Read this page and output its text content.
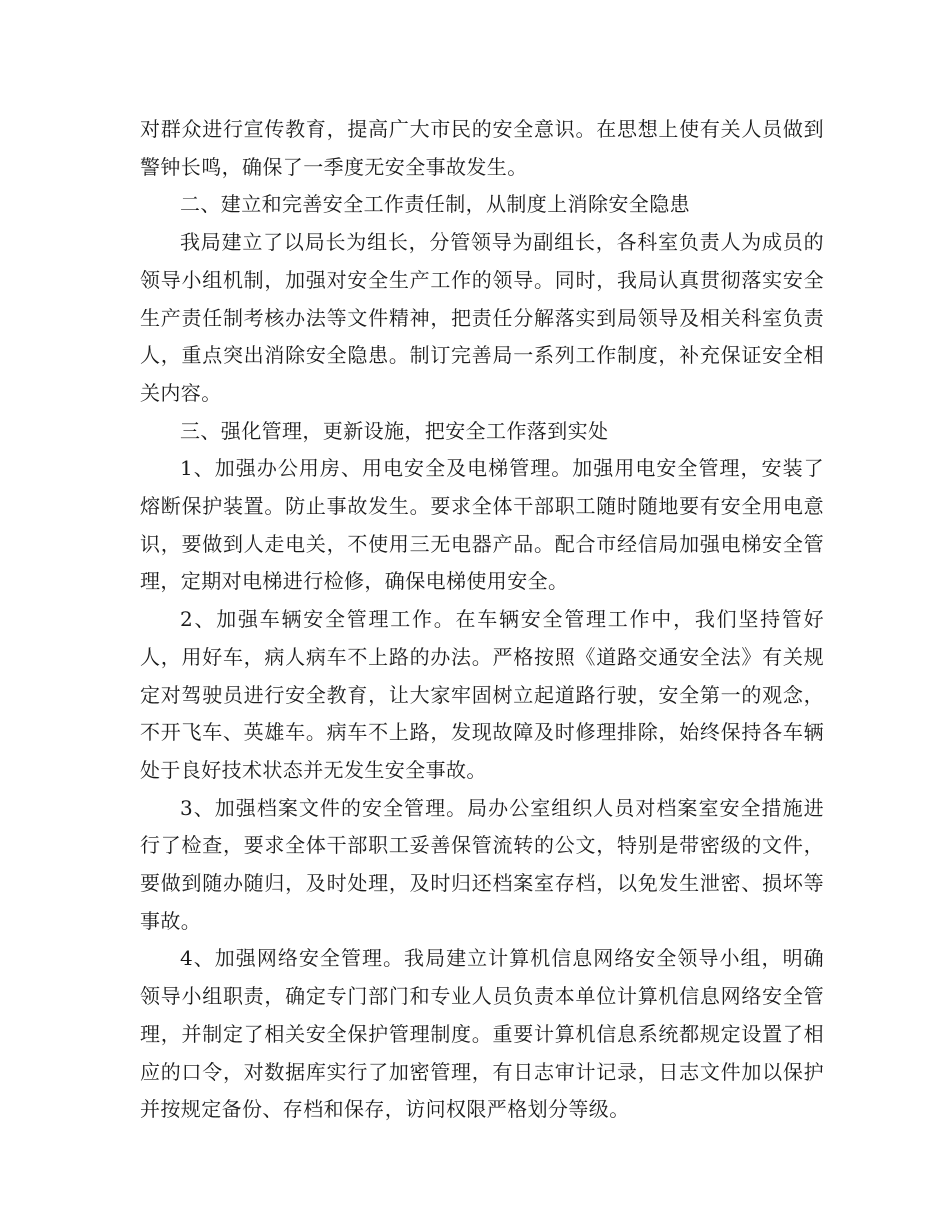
对群众进行宣传教育，提高广大市民的安全意识。在思想上使有关人员做到警钟长鸣，确保了一季度无安全事故发生。

二、建立和完善安全工作责任制，从制度上消除安全隐患

我局建立了以局长为组长，分管领导为副组长，各科室负责人为成员的领导小组机制，加强对安全生产工作的领导。同时，我局认真贯彻落实安全生产责任制考核办法等文件精神，把责任分解落实到局领导及相关科室负责人，重点突出消除安全隐患。制订完善局一系列工作制度，补充保证安全相关内容。

三、强化管理，更新设施，把安全工作落到实处

1、加强办公用房、用电安全及电梯管理。加强用电安全管理，安装了熔断保护装置。防止事故发生。要求全体干部职工随时随地要有安全用电意识，要做到人走电关，不使用三无电器产品。配合市经信局加强电梯安全管理，定期对电梯进行检修，确保电梯使用安全。

2、加强车辆安全管理工作。在车辆安全管理工作中，我们坚持管好人，用好车，病人病车不上路的办法。严格按照《道路交通安全法》有关规定对驾驶员进行安全教育，让大家牢固树立起道路行驶，安全第一的观念，不开飞车、英雄车。病车不上路，发现故障及时修理排除，始终保持各车辆处于良好技术状态并无发生安全事故。

3、加强档案文件的安全管理。局办公室组织人员对档案室安全措施进行了检查，要求全体干部职工妥善保管流转的公文，特别是带密级的文件，要做到随办随归，及时处理，及时归还档案室存档，以免发生泄密、损坏等事故。

4、加强网络安全管理。我局建立计算机信息网络安全领导小组，明确领导小组职责，确定专门部门和专业人员负责本单位计算机信息网络安全管理，并制定了相关安全保护管理制度。重要计算机信息系统都规定设置了相应的口令，对数据库实行了加密管理，有日志审计记录，日志文件加以保护并按规定备份、存档和保存，访问权限严格划分等级。
